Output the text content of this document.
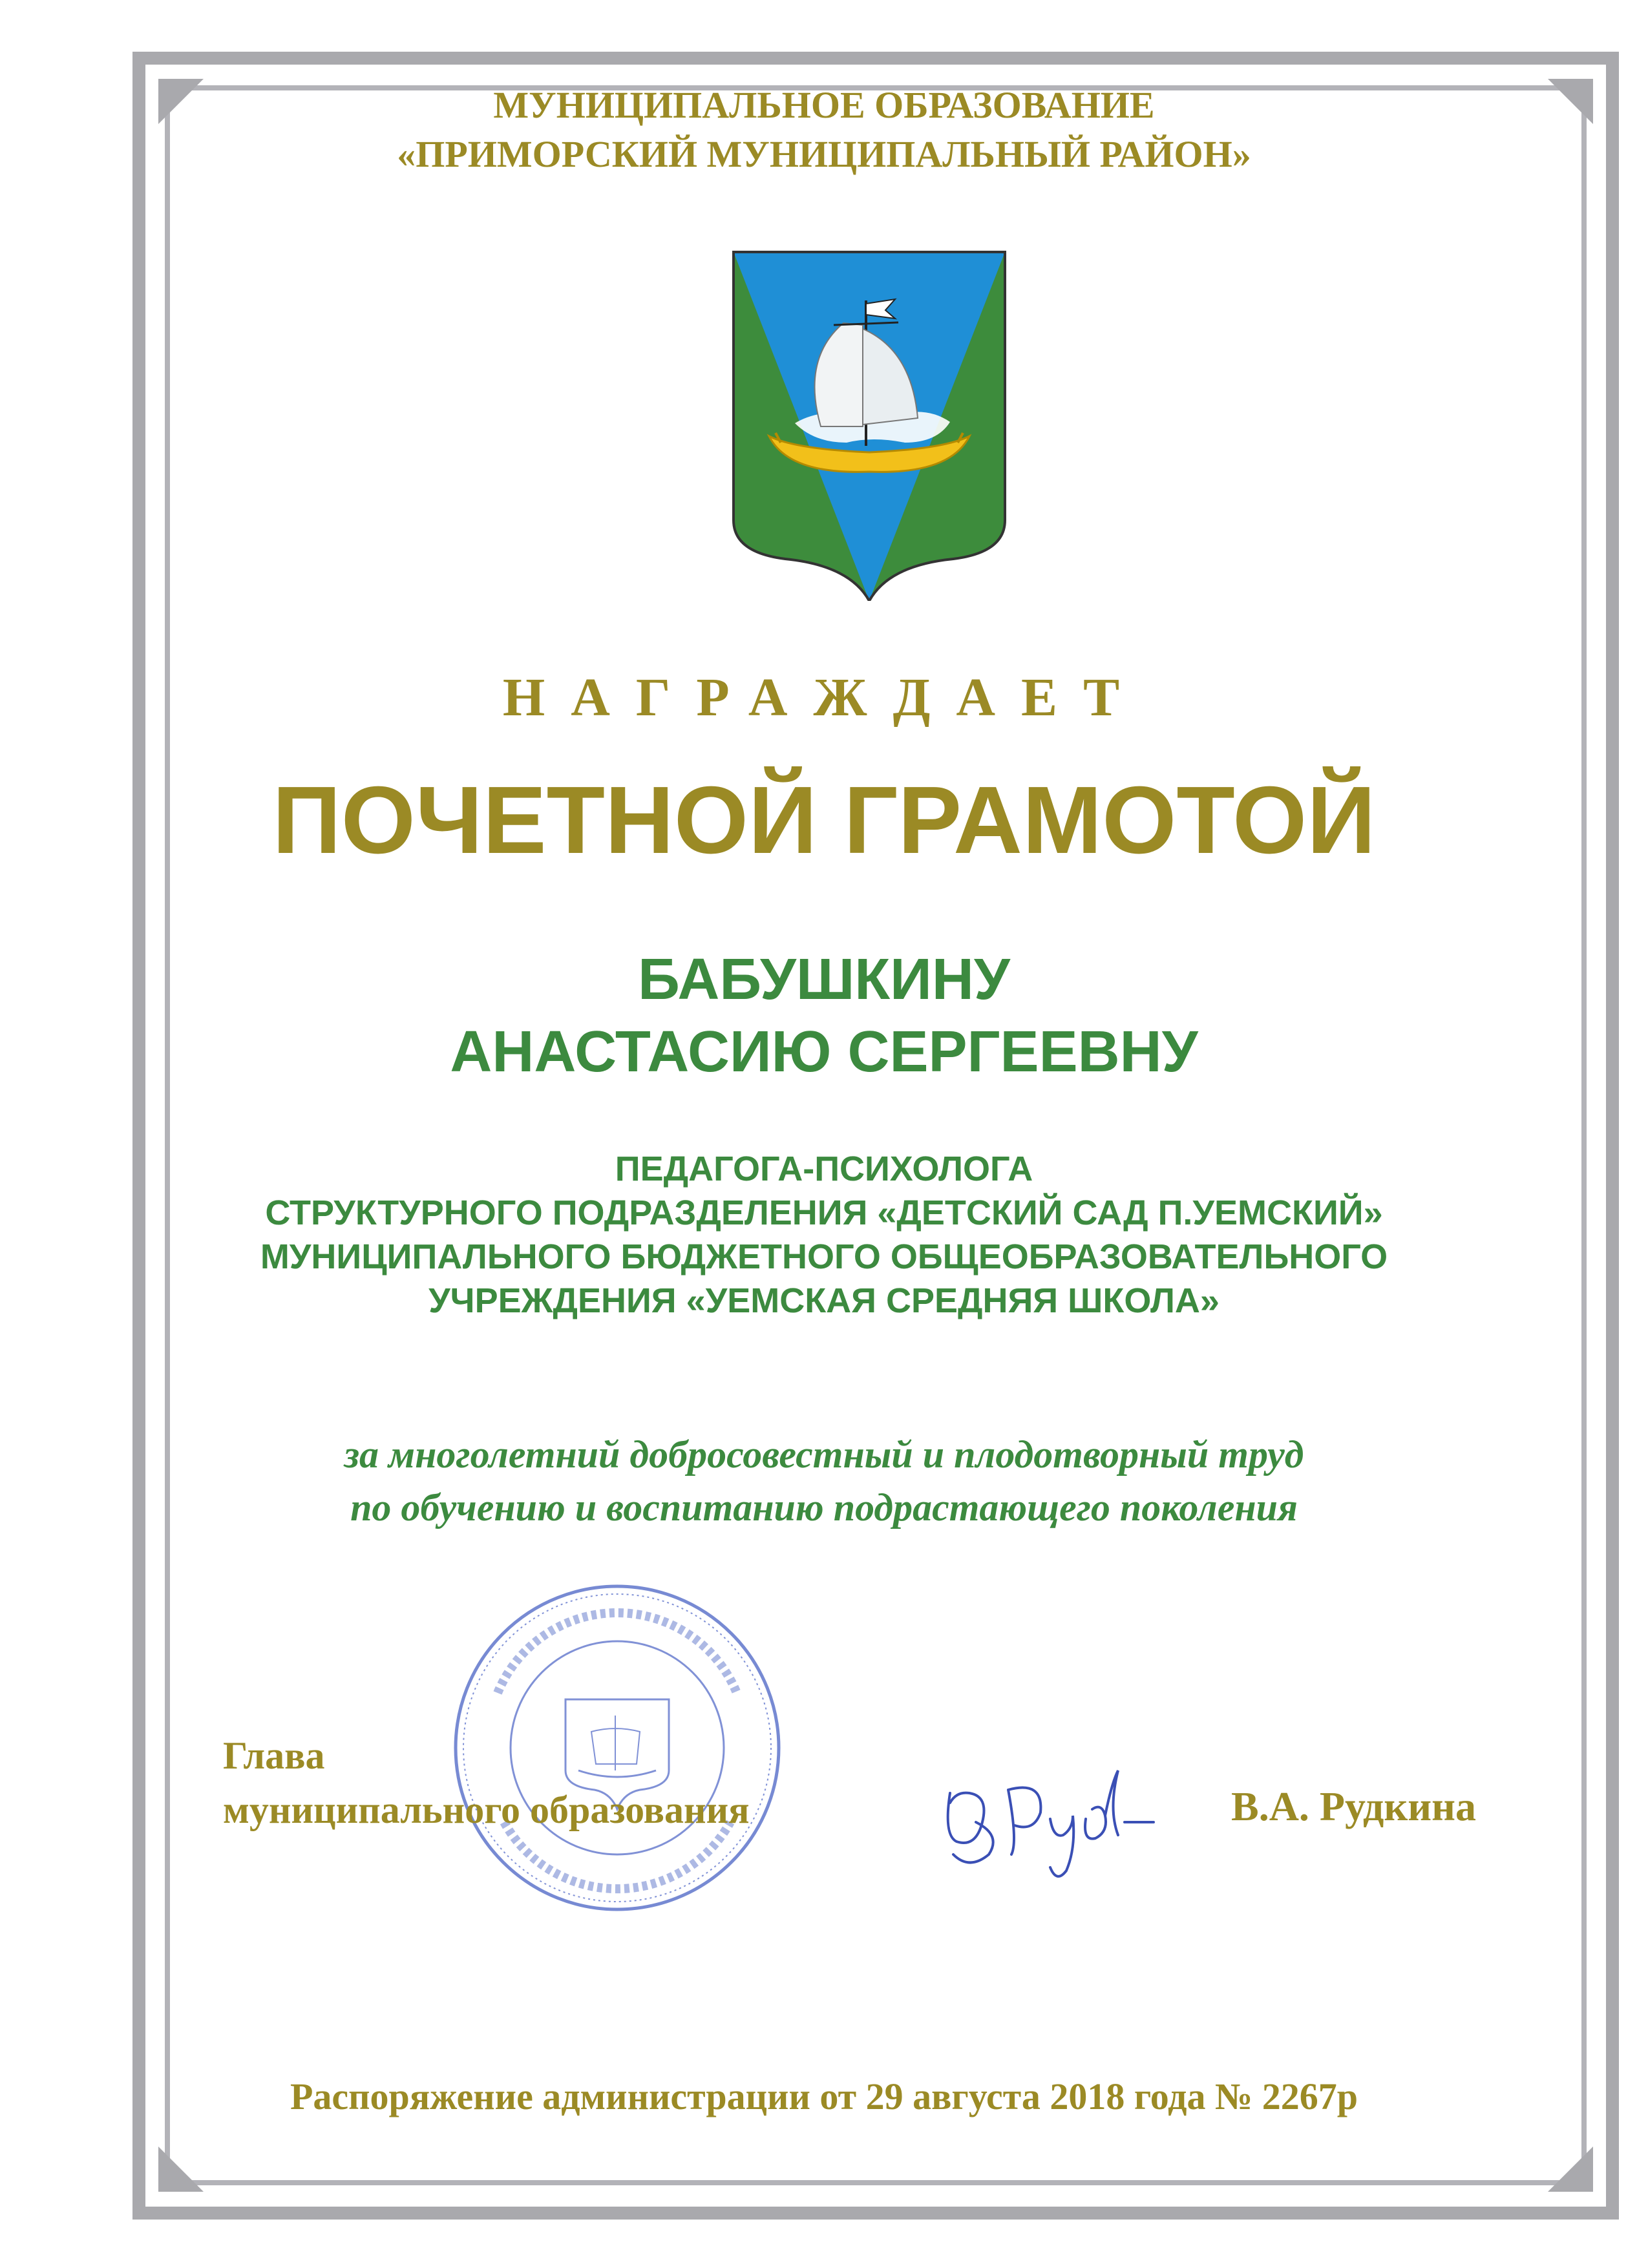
МУНИЦИПАЛЬНОЕ ОБРАЗОВАНИЕ
«ПРИМОРСКИЙ МУНИЦИПАЛЬНЫЙ РАЙОН»
НАГРАЖДАЕТ
ПОЧЕТНОЙ ГРАМОТОЙ
БАБУШКИНУ
АНАСТАСИЮ СЕРГЕЕВНУ
ПЕДАГОГА-ПСИХОЛОГА
СТРУКТУРНОГО ПОДРАЗДЕЛЕНИЯ «ДЕТСКИЙ САД П.УЕМСКИЙ»
МУНИЦИПАЛЬНОГО БЮДЖЕТНОГО ОБЩЕОБРАЗОВАТЕЛЬНОГО
УЧРЕЖДЕНИЯ «УЕМСКАЯ СРЕДНЯЯ ШКОЛА»
за многолетний добросовестный и плодотворный труд
по обучению и воспитанию подрастающего поколения
Глава
муниципального образования	В.А. Рудкина
Распоряжение администрации от 29 августа 2018 года № 2267р
